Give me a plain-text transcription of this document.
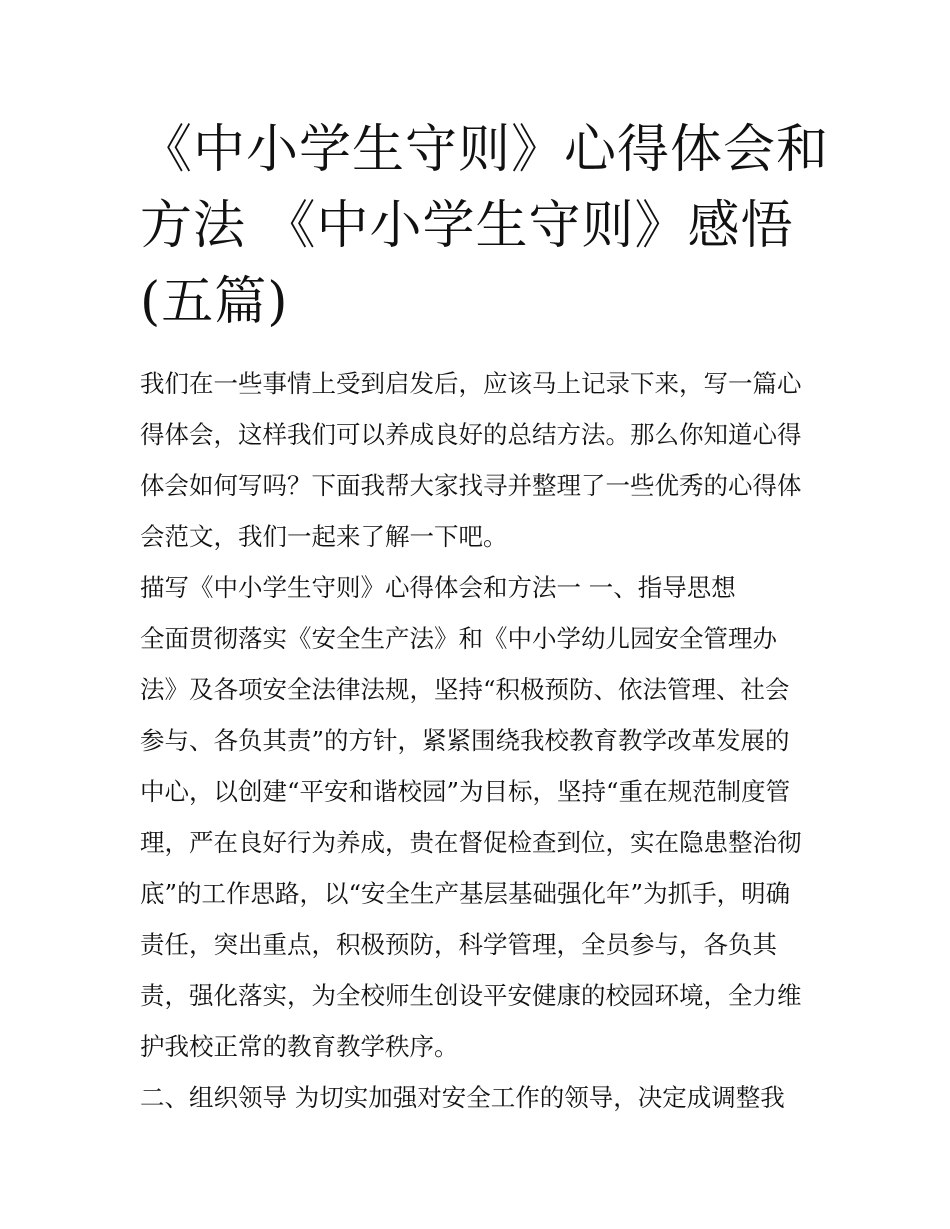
《中小学生守则》心得体会和
方法 《中小学生守则》感悟
(五篇)

我们在一些事情上受到启发后，应该马上记录下来，写一篇心
得体会，这样我们可以养成良好的总结方法。那么你知道心得
体会如何写吗？下面我帮大家找寻并整理了一些优秀的心得体
会范文，我们一起来了解一下吧。

描写《中小学生守则》心得体会和方法一 一、指导思想

全面贯彻落实《安全生产法》和《中小学幼儿园安全管理办
法》及各项安全法律法规，坚持“积极预防、依法管理、社会
参与、各负其责”的方针，紧紧围绕我校教育教学改革发展的
中心，以创建“平安和谐校园”为目标，坚持“重在规范制度管
理，严在良好行为养成，贵在督促检查到位，实在隐患整治彻
底”的工作思路，以“安全生产基层基础强化年”为抓手，明确
责任，突出重点，积极预防，科学管理，全员参与，各负其
责，强化落实，为全校师生创设平安健康的校园环境，全力维
护我校正常的教育教学秩序。

二、组织领导 为切实加强对安全工作的领导，决定成调整我
